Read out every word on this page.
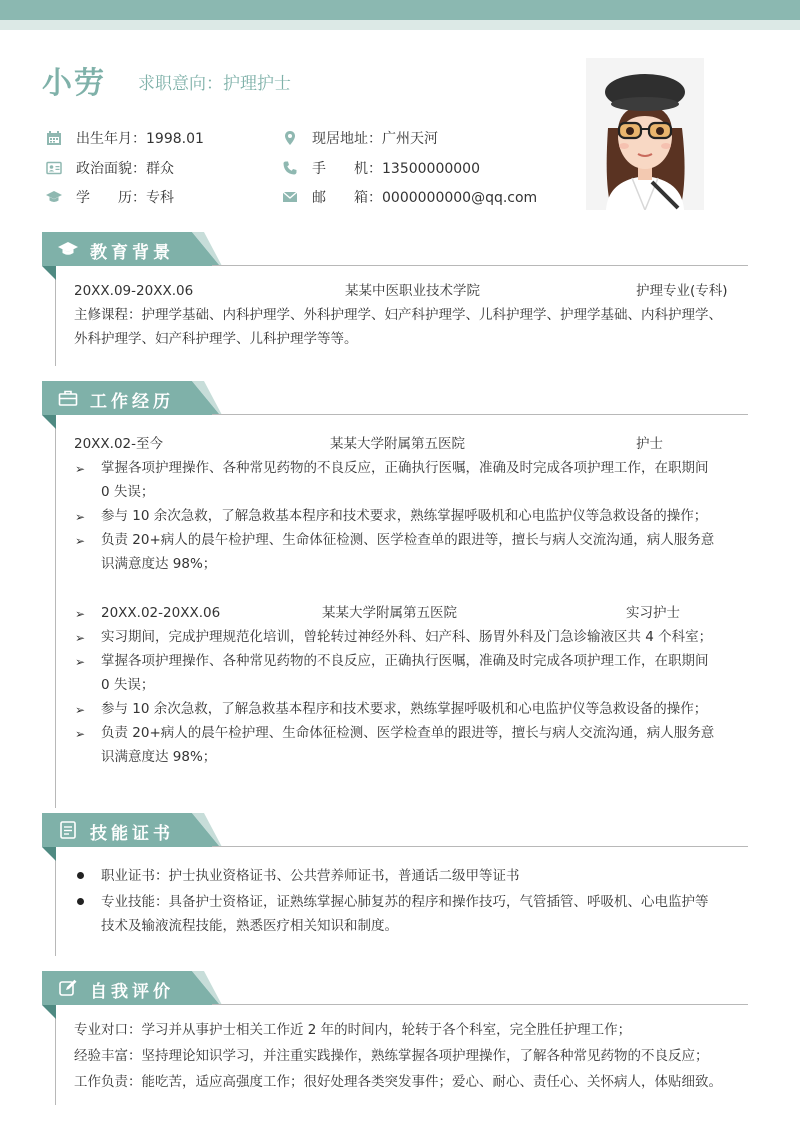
小劳 求职意向：护理护士
出生年月：1998.01
政治面貌：群众
学　　历：专科
现居地址：广州天河
手　　机：13500000000
邮　　箱：0000000000@qq.com
教育背景
20XX.09-20XX.06	某某中医职业技术学院	护理专业(专科)
主修课程：护理学基础、内科护理学、外科护理学、妇产科护理学、儿科护理学、护理学基础、内科护理学、
外科护理学、妇产科护理学、儿科护理学等等。
工作经历
20XX.02-至今	某某大学附属第五医院	护士
➢ 掌握各项护理操作、各种常见药物的不良反应，正确执行医嘱，准确及时完成各项护理工作，在职期间
0 失误；
➢ 参与 10 余次急救，了解急救基本程序和技术要求，熟练掌握呼吸机和心电监护仪等急救设备的操作；
➢ 负责 20+病人的晨午检护理、生命体征检测、医学检查单的跟进等，擅长与病人交流沟通，病人服务意
识满意度达 98%；
➢ 20XX.02-20XX.06	某某大学附属第五医院	实习护士
➢ 实习期间，完成护理规范化培训，曾轮转过神经外科、妇产科、肠胃外科及门急诊输液区共 4 个科室；
➢ 掌握各项护理操作、各种常见药物的不良反应，正确执行医嘱，准确及时完成各项护理工作，在职期间
0 失误；
➢ 参与 10 余次急救，了解急救基本程序和技术要求，熟练掌握呼吸机和心电监护仪等急救设备的操作；
➢ 负责 20+病人的晨午检护理、生命体征检测、医学检查单的跟进等，擅长与病人交流沟通，病人服务意
识满意度达 98%；
技能证书
职业证书：护士执业资格证书、公共营养师证书，普通话二级甲等证书
专业技能：具备护士资格证，证熟练掌握心肺复苏的程序和操作技巧，气管插管、呼吸机、心电监护等
技术及输液流程技能，熟悉医疗相关知识和制度。
自我评价
专业对口：学习并从事护士相关工作近 2 年的时间内，轮转于各个科室，完全胜任护理工作；
经验丰富：坚持理论知识学习，并注重实践操作，熟练掌握各项护理操作，了解各种常见药物的不良反应；
工作负责：能吃苦，适应高强度工作；很好处理各类突发事件；爱心、耐心、责任心、关怀病人，体贴细致。
